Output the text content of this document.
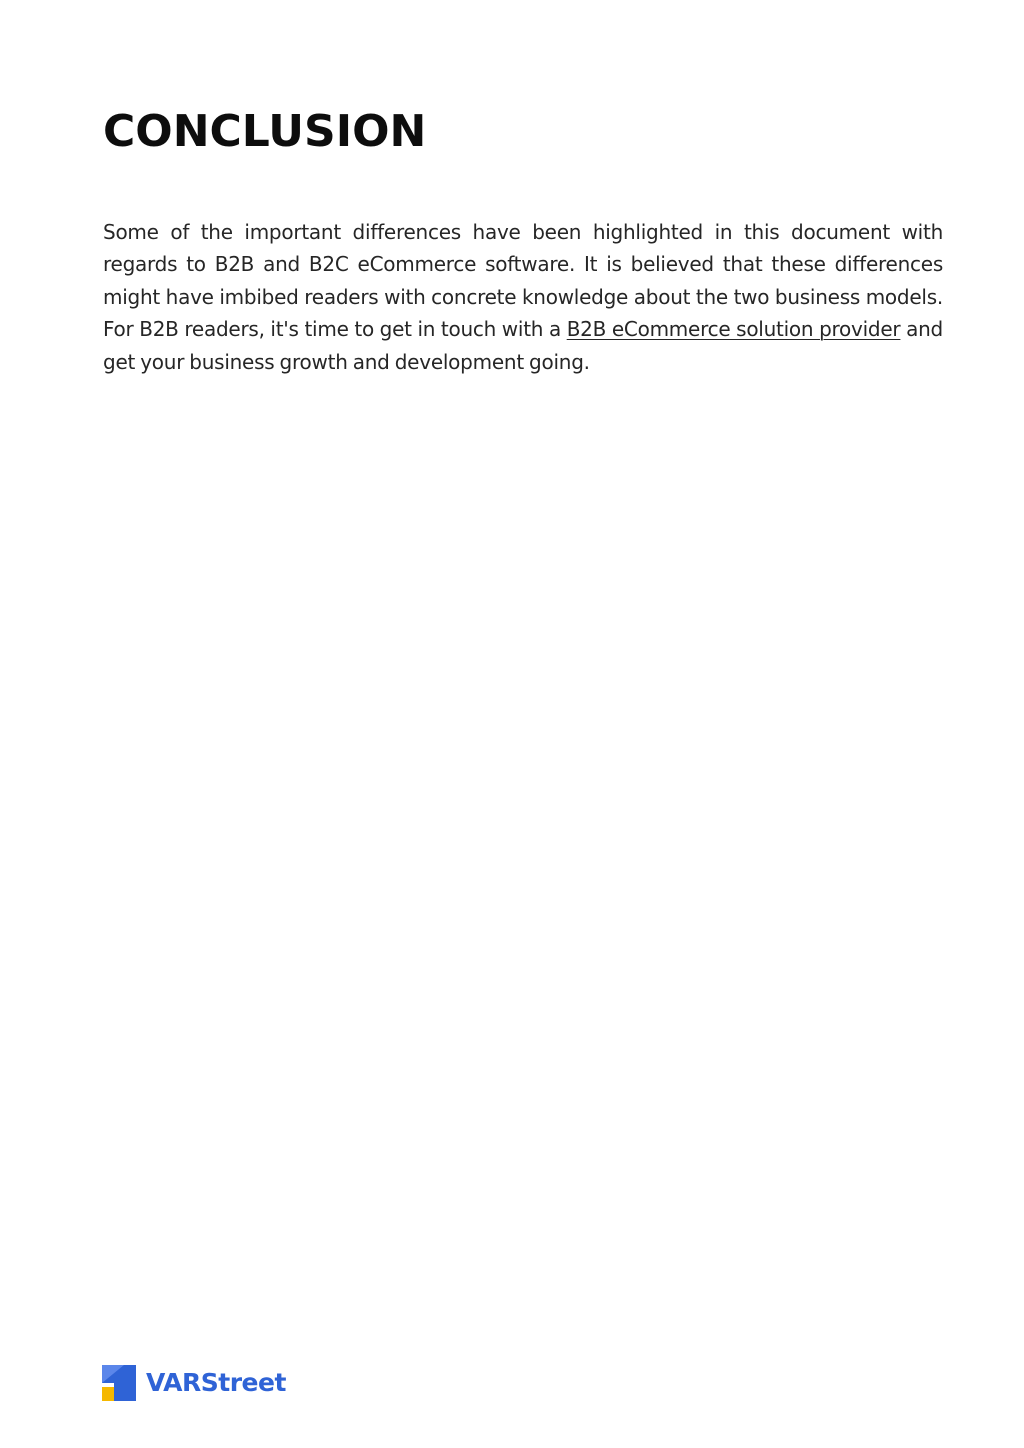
CONCLUSION

Some of the important differences have been highlighted in this document with regards to B2B and B2C eCommerce software. It is believed that these differences might have imbibed readers with concrete knowledge about the two business models. For B2B readers, it's time to get in touch with a B2B eCommerce solution provider and get your business growth and development going.

VARStreet
